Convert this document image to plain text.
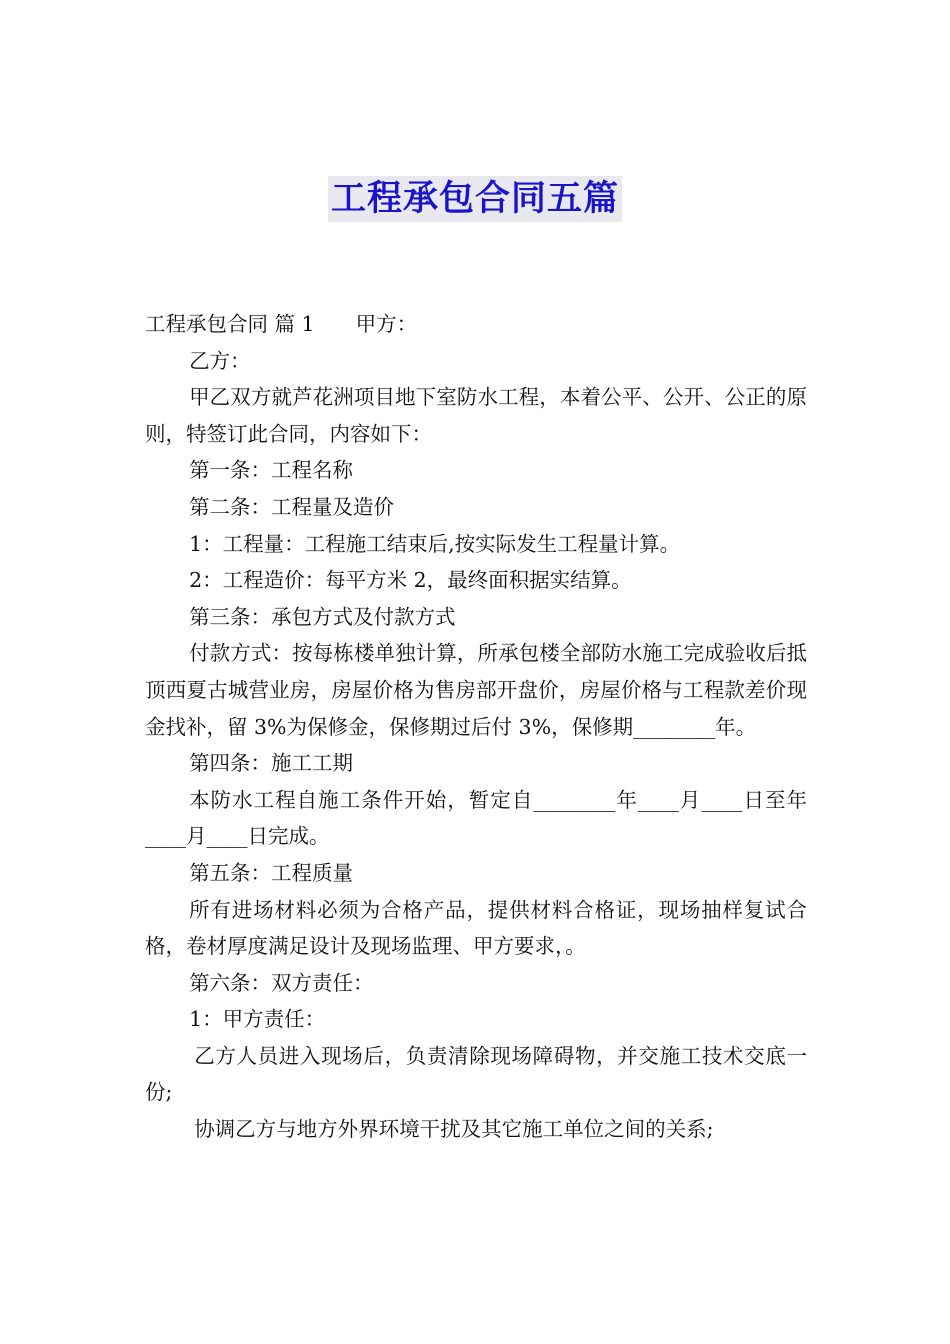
工程承包合同五篇

工程承包合同 篇 1　　甲方：

乙方：

甲乙双方就芦花洲项目地下室防水工程，本着公平、公开、公正的原则，特签订此合同，内容如下：

第一条：工程名称

第二条：工程量及造价

1：工程量：工程施工结束后,按实际发生工程量计算。

2：工程造价：每平方米 2，最终面积据实结算。

第三条：承包方式及付款方式

付款方式：按每栋楼单独计算，所承包楼全部防水施工完成验收后抵顶西夏古城营业房，房屋价格为售房部开盘价，房屋价格与工程款差价现金找补，留 3%为保修金，保修期过后付 3%，保修期________年。

第四条：施工工期

本防水工程自施工条件开始，暂定自________年____月____日至年____月____日完成。

第五条：工程质量

所有进场材料必须为合格产品，提供材料合格证，现场抽样复试合格，卷材厚度满足设计及现场监理、甲方要求，。

第六条：双方责任：

1：甲方责任：

乙方人员进入现场后，负责清除现场障碍物，并交施工技术交底一份;

协调乙方与地方外界环境干扰及其它施工单位之间的关系;
